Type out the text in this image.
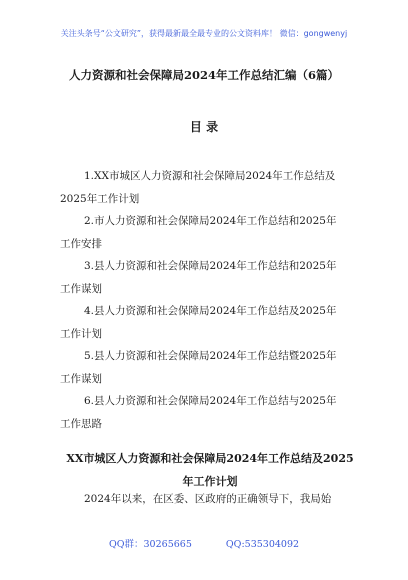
关注头条号“公文研究”，获得最新最全最专业的公文资料库！ 微信：gongwenyj
人力资源和社会保障局2024年工作总结汇编（6篇）
目 录
1.XX市城区人力资源和社会保障局2024年工作总结及
2025年工作计划
2.市人力资源和社会保障局2024年工作总结和2025年
工作安排
3.县人力资源和社会保障局2024年工作总结和2025年
工作谋划
4.县人力资源和社会保障局2024年工作总结及2025年
工作计划
5.县人力资源和社会保障局2024年工作总结暨2025年
工作谋划
6.县人力资源和社会保障局2024年工作总结与2025年
工作思路
XX市城区人力资源和社会保障局2024年工作总结及2025
年工作计划
2024年以来，在区委、区政府的正确领导下，我局始
QQ群：30265665	QQ:535304092
